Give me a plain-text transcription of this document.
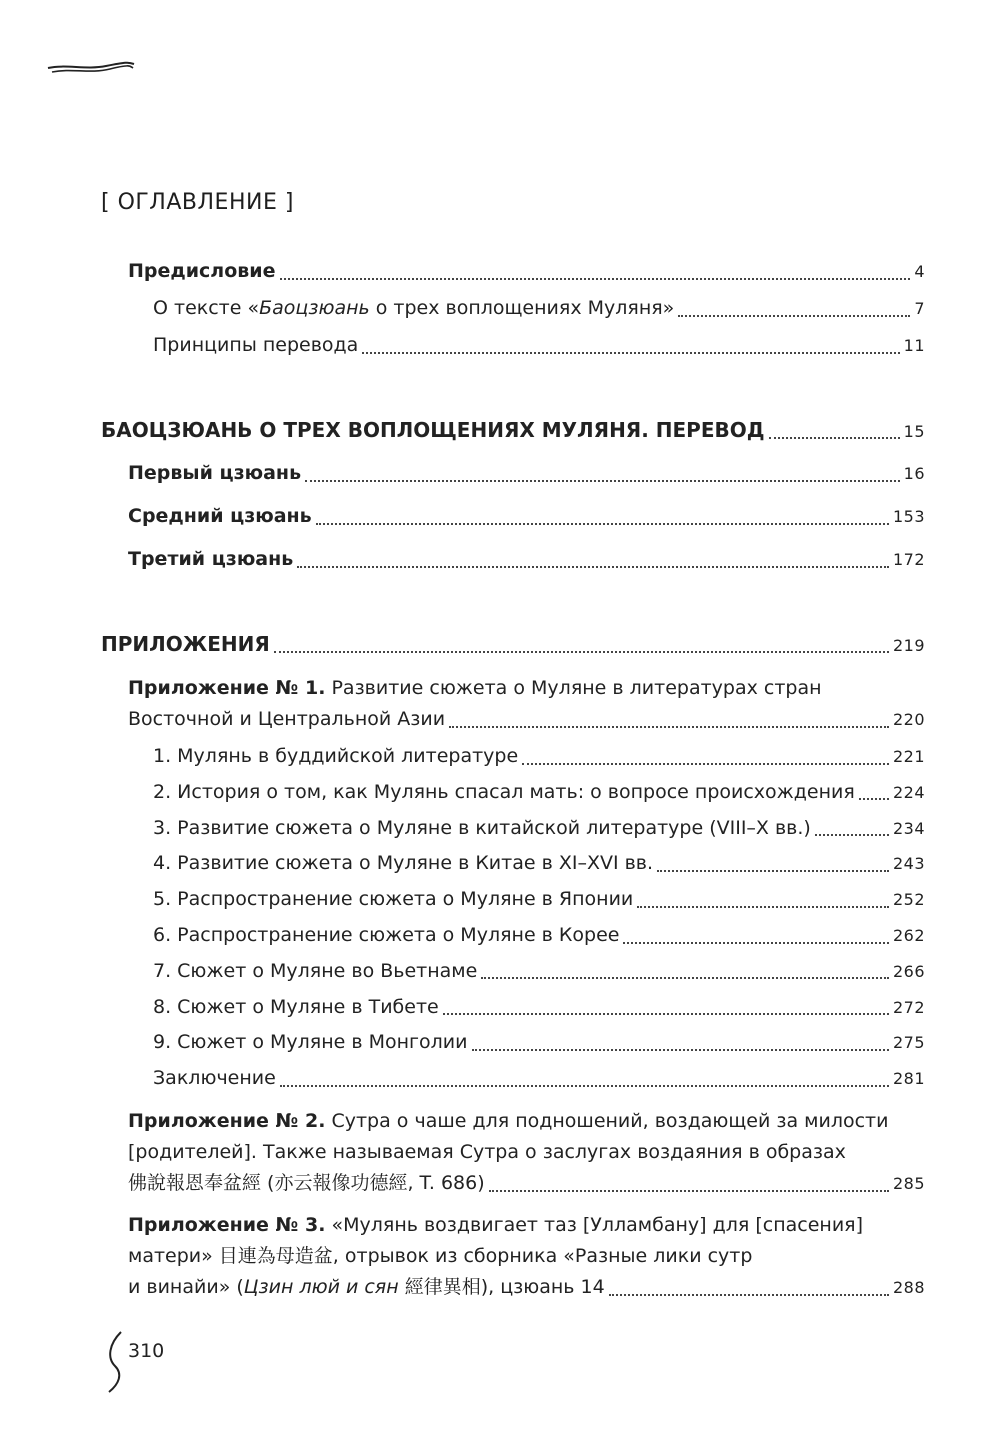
[ ОГЛАВЛЕНИЕ ]
Предисловие	4
О тексте «Баоцзюань о трех воплощениях Муляня»	7
Принципы перевода	11
БАОЦЗЮАНЬ О ТРЕХ ВОПЛОЩЕНИЯХ МУЛЯНЯ. ПЕРЕВОД	15
Первый цзюань	16
Средний цзюань	153
Третий цзюань	172
ПРИЛОЖЕНИЯ	219
Приложение № 1. Развитие сюжета о Муляне в литературах стран
Восточной и Центральной Азии	220
1. Мулянь в буддийской литературе	221
2. История о том, как Мулянь спасал мать: о вопросе происхождения 224
3. Развитие сюжета о Муляне в китайской литературе (VIII–X вв.)	234
4. Развитие сюжета о Муляне в Китае в XI–XVI вв.	243
5. Распространение сюжета о Муляне в Японии	252
6. Распространение сюжета о Муляне в Корее	262
7. Сюжет о Муляне во Вьетнаме	266
8. Сюжет о Муляне в Тибете	272
9. Сюжет о Муляне в Монголии	275
Заключение	281
Приложение № 2. Сутра о чаше для подношений, воздающей за милости
[родителей]. Также называемая Сутра о заслугах воздаяния в образах
佛說報恩奉盆經 (亦云報像功德經, T. 686)	285
Приложение № 3. «Мулянь воздвигает таз [Улламбану] для [спасения]
матери» 目連為母造盆, отрывок из сборника «Разные лики сутр
и винайи» (Цзин люй и сян 經律異相), цзюань 14	288
310
